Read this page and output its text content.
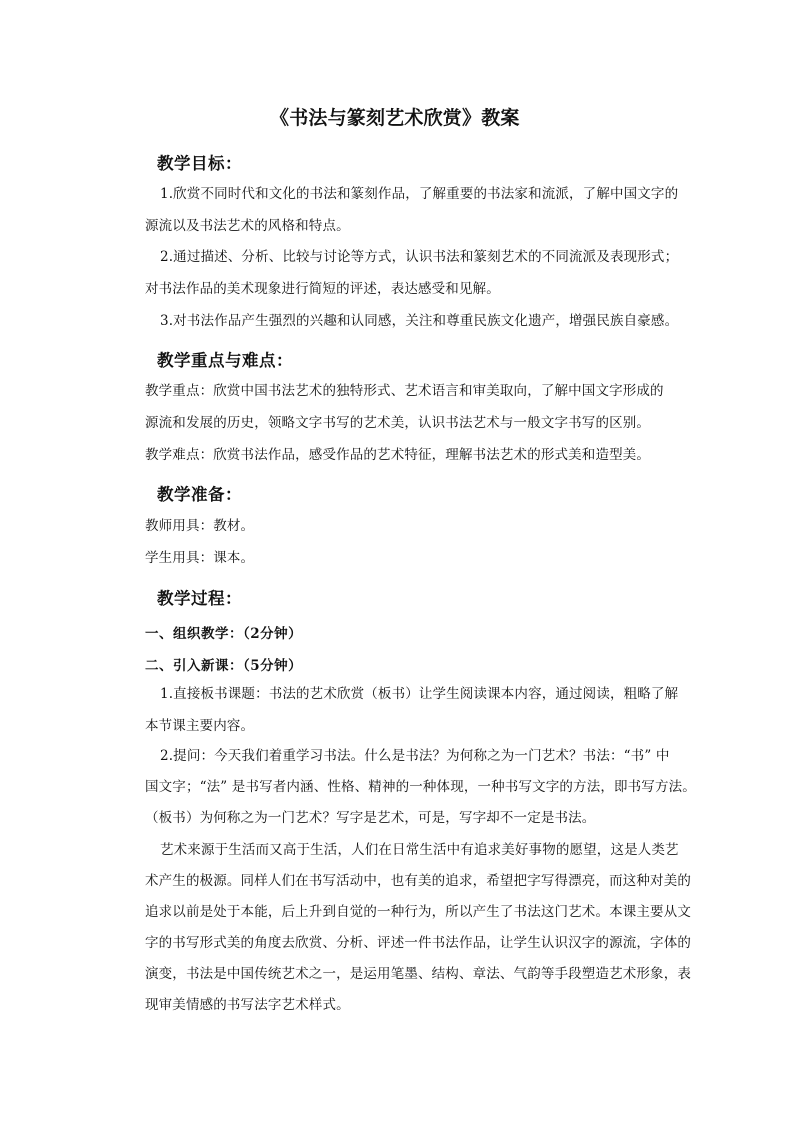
《书法与篆刻艺术欣赏》教案
教学目标：
1.欣赏不同时代和文化的书法和篆刻作品，了解重要的书法家和流派，了解中国文字的
源流以及书法艺术的风格和特点。
2.通过描述、分析、比较与讨论等方式，认识书法和篆刻艺术的不同流派及表现形式；
对书法作品的美术现象进行简短的评述，表达感受和见解。
3.对书法作品产生强烈的兴趣和认同感，关注和尊重民族文化遗产，增强民族自豪感。
教学重点与难点：
教学重点：欣赏中国书法艺术的独特形式、艺术语言和审美取向，了解中国文字形成的
源流和发展的历史，领略文字书写的艺术美，认识书法艺术与一般文字书写的区别。
教学难点：欣赏书法作品，感受作品的艺术特征，理解书法艺术的形式美和造型美。
教学准备：
教师用具：教材。
学生用具：课本。
教学过程：
一、组织教学：（2分钟）
二、引入新课：（5分钟）
1.直接板书课题：书法的艺术欣赏（板书）让学生阅读课本内容，通过阅读，粗略了解
本节课主要内容。
2.提问：今天我们着重学习书法。什么是书法？为何称之为一门艺术？书法：“书” 中
国文字；“法” 是书写者内涵、性格、精神的一种体现，一种书写文字的方法，即书写方法。
（板书）为何称之为一门艺术？写字是艺术，可是，写字却不一定是书法。
艺术来源于生活而又高于生活，人们在日常生活中有追求美好事物的愿望，这是人类艺
术产生的极源。同样人们在书写活动中，也有美的追求，希望把字写得漂亮，而这种对美的
追求以前是处于本能，后上升到自觉的一种行为，所以产生了书法这门艺术。本课主要从文
字的书写形式美的角度去欣赏、分析、评述一件书法作品，让学生认识汉字的源流，字体的
演变，书法是中国传统艺术之一，是运用笔墨、结构、章法、气韵等手段塑造艺术形象，表
现审美情感的书写法字艺术样式。
